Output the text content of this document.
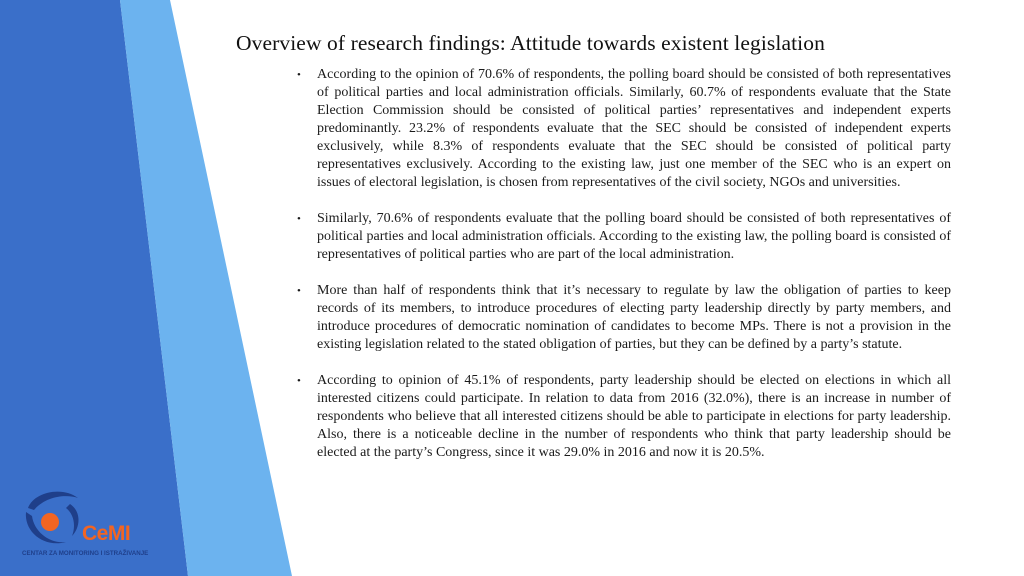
Overview of research findings: Attitude towards existent legislation
• According to the opinion of 70.6% of respondents, the polling board should be consisted of both representatives of political parties and local administration officials. Similarly, 60.7% of respondents evaluate that the State Election Commission should be consisted of political parties’ representatives and independent experts predominantly. 23.2% of respondents evaluate that the SEC should be consisted of independent experts exclusively, while 8.3% of respondents evaluate that the SEC should be consisted of political party representatives exclusively. According to the existing law, just one member of the SEC who is an expert on issues of electoral legislation, is chosen from representatives of the civil society, NGOs and universities.
• Similarly, 70.6% of respondents evaluate that the polling board should be consisted of both representatives of political parties and local administration officials. According to the existing law, the polling board is consisted of representatives of political parties who are part of the local administration.
• More than half of respondents think that it’s necessary to regulate by law the obligation of parties to keep records of its members, to introduce procedures of electing party leadership directly by party members, and introduce procedures of democratic nomination of candidates to become MPs. There is not a provision in the existing legislation related to the stated obligation of parties, but they can be defined by a party’s statute.
• According to opinion of 45.1% of respondents, party leadership should be elected on elections in which all interested citizens could participate. In relation to data from 2016 (32.0%), there is an increase in number of respondents who believe that all interested citizens should be able to participate in elections for party leadership. Also, there is a noticeable decline in the number of respondents who think that party leadership should be elected at the party’s Congress, since it was 29.0% in 2016 and now it is 20.5%.
CeMI
CENTAR ZA MONITORING I ISTRAŽIVANJE
